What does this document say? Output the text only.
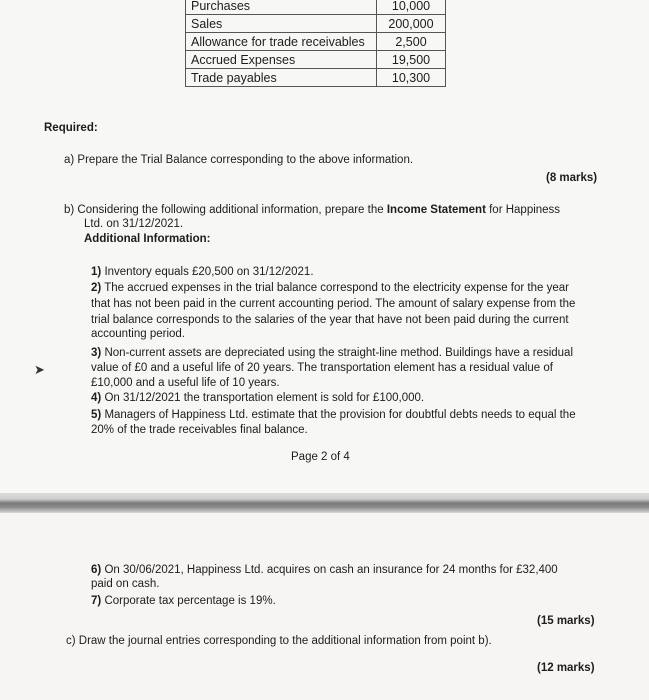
Purchases	10,000
Sales	200,000
Allowance for trade receivables	2,500
Accrued Expenses	19,500
Trade payables	10,300
Required:
a) Prepare the Trial Balance corresponding to the above information.
(8 marks)
b) Considering the following additional information, prepare the Income Statement for Happiness
Ltd. on 31/12/2021.
Additional Information:
1) Inventory equals £20,500 on 31/12/2021.
2) The accrued expenses in the trial balance correspond to the electricity expense for the year
that has not been paid in the current accounting period. The amount of salary expense from the
trial balance corresponds to the salaries of the year that have not been paid during the current
accounting period.
3) Non-current assets are depreciated using the straight-line method. Buildings have a residual
value of £0 and a useful life of 20 years. The transportation element has a residual value of
£10,000 and a useful life of 10 years.
4) On 31/12/2021 the transportation element is sold for £100,000.
5) Managers of Happiness Ltd. estimate that the provision for doubtful debts needs to equal the
20% of the trade receivables final balance.
Page 2 of 4
6) On 30/06/2021, Happiness Ltd. acquires on cash an insurance for 24 months for £32,400
paid on cash.
7) Corporate tax percentage is 19%.
(15 marks)
c) Draw the journal entries corresponding to the additional information from point b).
(12 marks)
➤
